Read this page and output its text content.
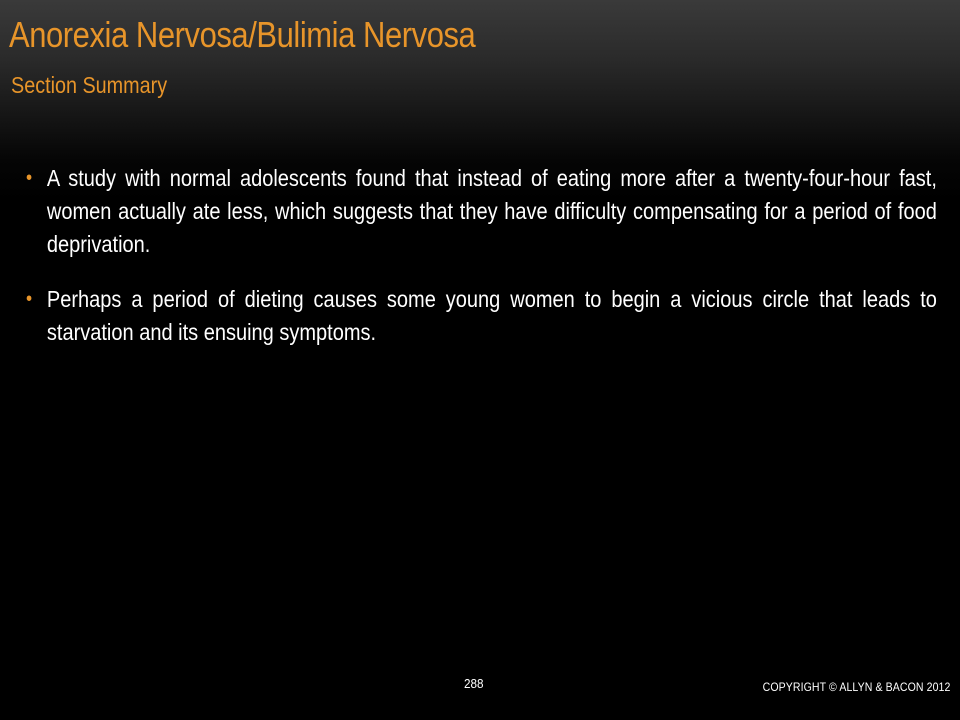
Anorexia Nervosa/Bulimia Nervosa
Section Summary
• A study with normal adolescents found that instead of eating more after a twenty-four-hour fast, women actually ate less, which suggests that they have difficulty compensating for a period of food deprivation.
• Perhaps a period of dieting causes some young women to begin a vicious circle that leads to starvation and its ensuing symptoms.
288	COPYRIGHT © ALLYN & BACON 2012
